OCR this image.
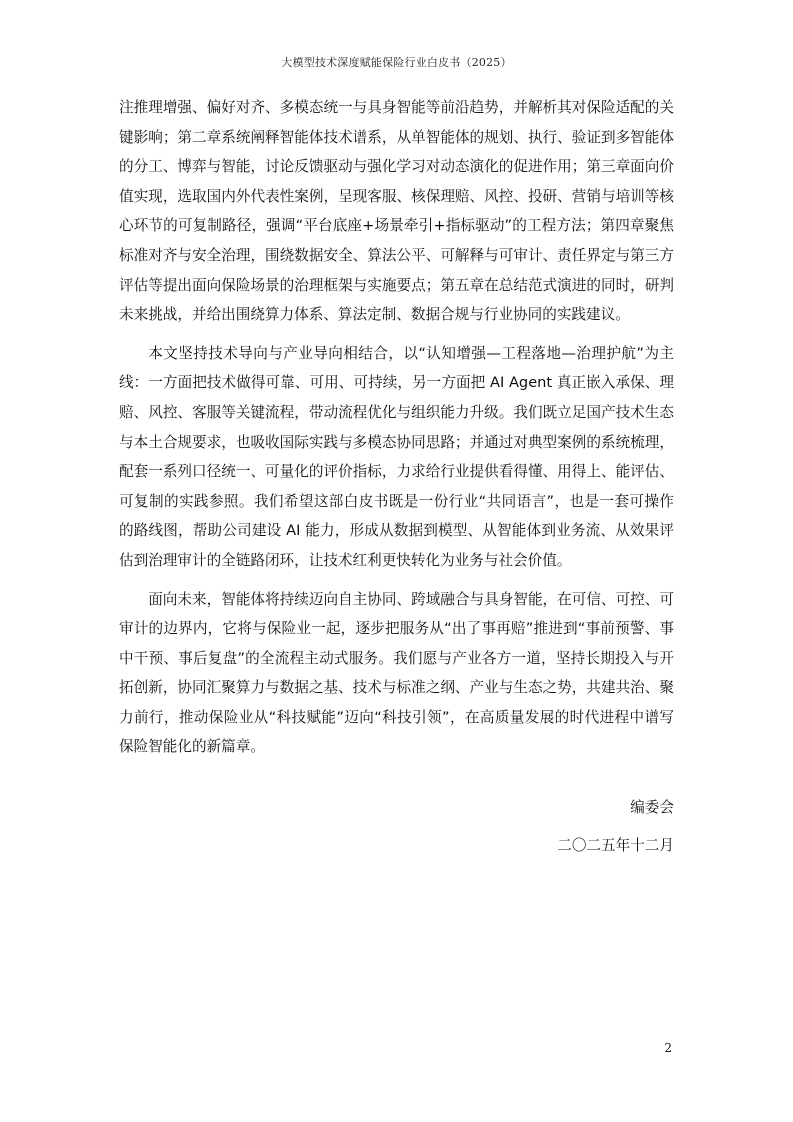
大模型技术深度赋能保险行业白皮书（2025）

注推理增强、偏好对齐、多模态统一与具身智能等前沿趋势，并解析其对保险适配的关键影响；第二章系统阐释智能体技术谱系，从单智能体的规划、执行、验证到多智能体的分工、博弈与智能，讨论反馈驱动与强化学习对动态演化的促进作用；第三章面向价值实现，选取国内外代表性案例，呈现客服、核保理赔、风控、投研、营销与培训等核心环节的可复制路径，强调“平台底座+场景牵引+指标驱动”的工程方法；第四章聚焦标准对齐与安全治理，围绕数据安全、算法公平、可解释与可审计、责任界定与第三方评估等提出面向保险场景的治理框架与实施要点；第五章在总结范式演进的同时，研判未来挑战，并给出围绕算力体系、算法定制、数据合规与行业协同的实践建议。

本文坚持技术导向与产业导向相结合，以“认知增强—工程落地—治理护航”为主线：一方面把技术做得可靠、可用、可持续，另一方面把 AI Agent 真正嵌入承保、理赔、风控、客服等关键流程，带动流程优化与组织能力升级。我们既立足国产技术生态与本土合规要求，也吸收国际实践与多模态协同思路；并通过对典型案例的系统梳理，配套一系列口径统一、可量化的评价指标，力求给行业提供看得懂、用得上、能评估、可复制的实践参照。我们希望这部白皮书既是一份行业“共同语言”，也是一套可操作的路线图，帮助公司建设 AI 能力，形成从数据到模型、从智能体到业务流、从效果评估到治理审计的全链路闭环，让技术红利更快转化为业务与社会价值。

面向未来，智能体将持续迈向自主协同、跨域融合与具身智能，在可信、可控、可审计的边界内，它将与保险业一起，逐步把服务从“出了事再赔”推进到“事前预警、事中干预、事后复盘”的全流程主动式服务。我们愿与产业各方一道，坚持长期投入与开拓创新，协同汇聚算力与数据之基、技术与标准之纲、产业与生态之势，共建共治、聚力前行，推动保险业从“科技赋能”迈向“科技引领”，在高质量发展的时代进程中谱写保险智能化的新篇章。

编委会
二〇二五年十二月
2
